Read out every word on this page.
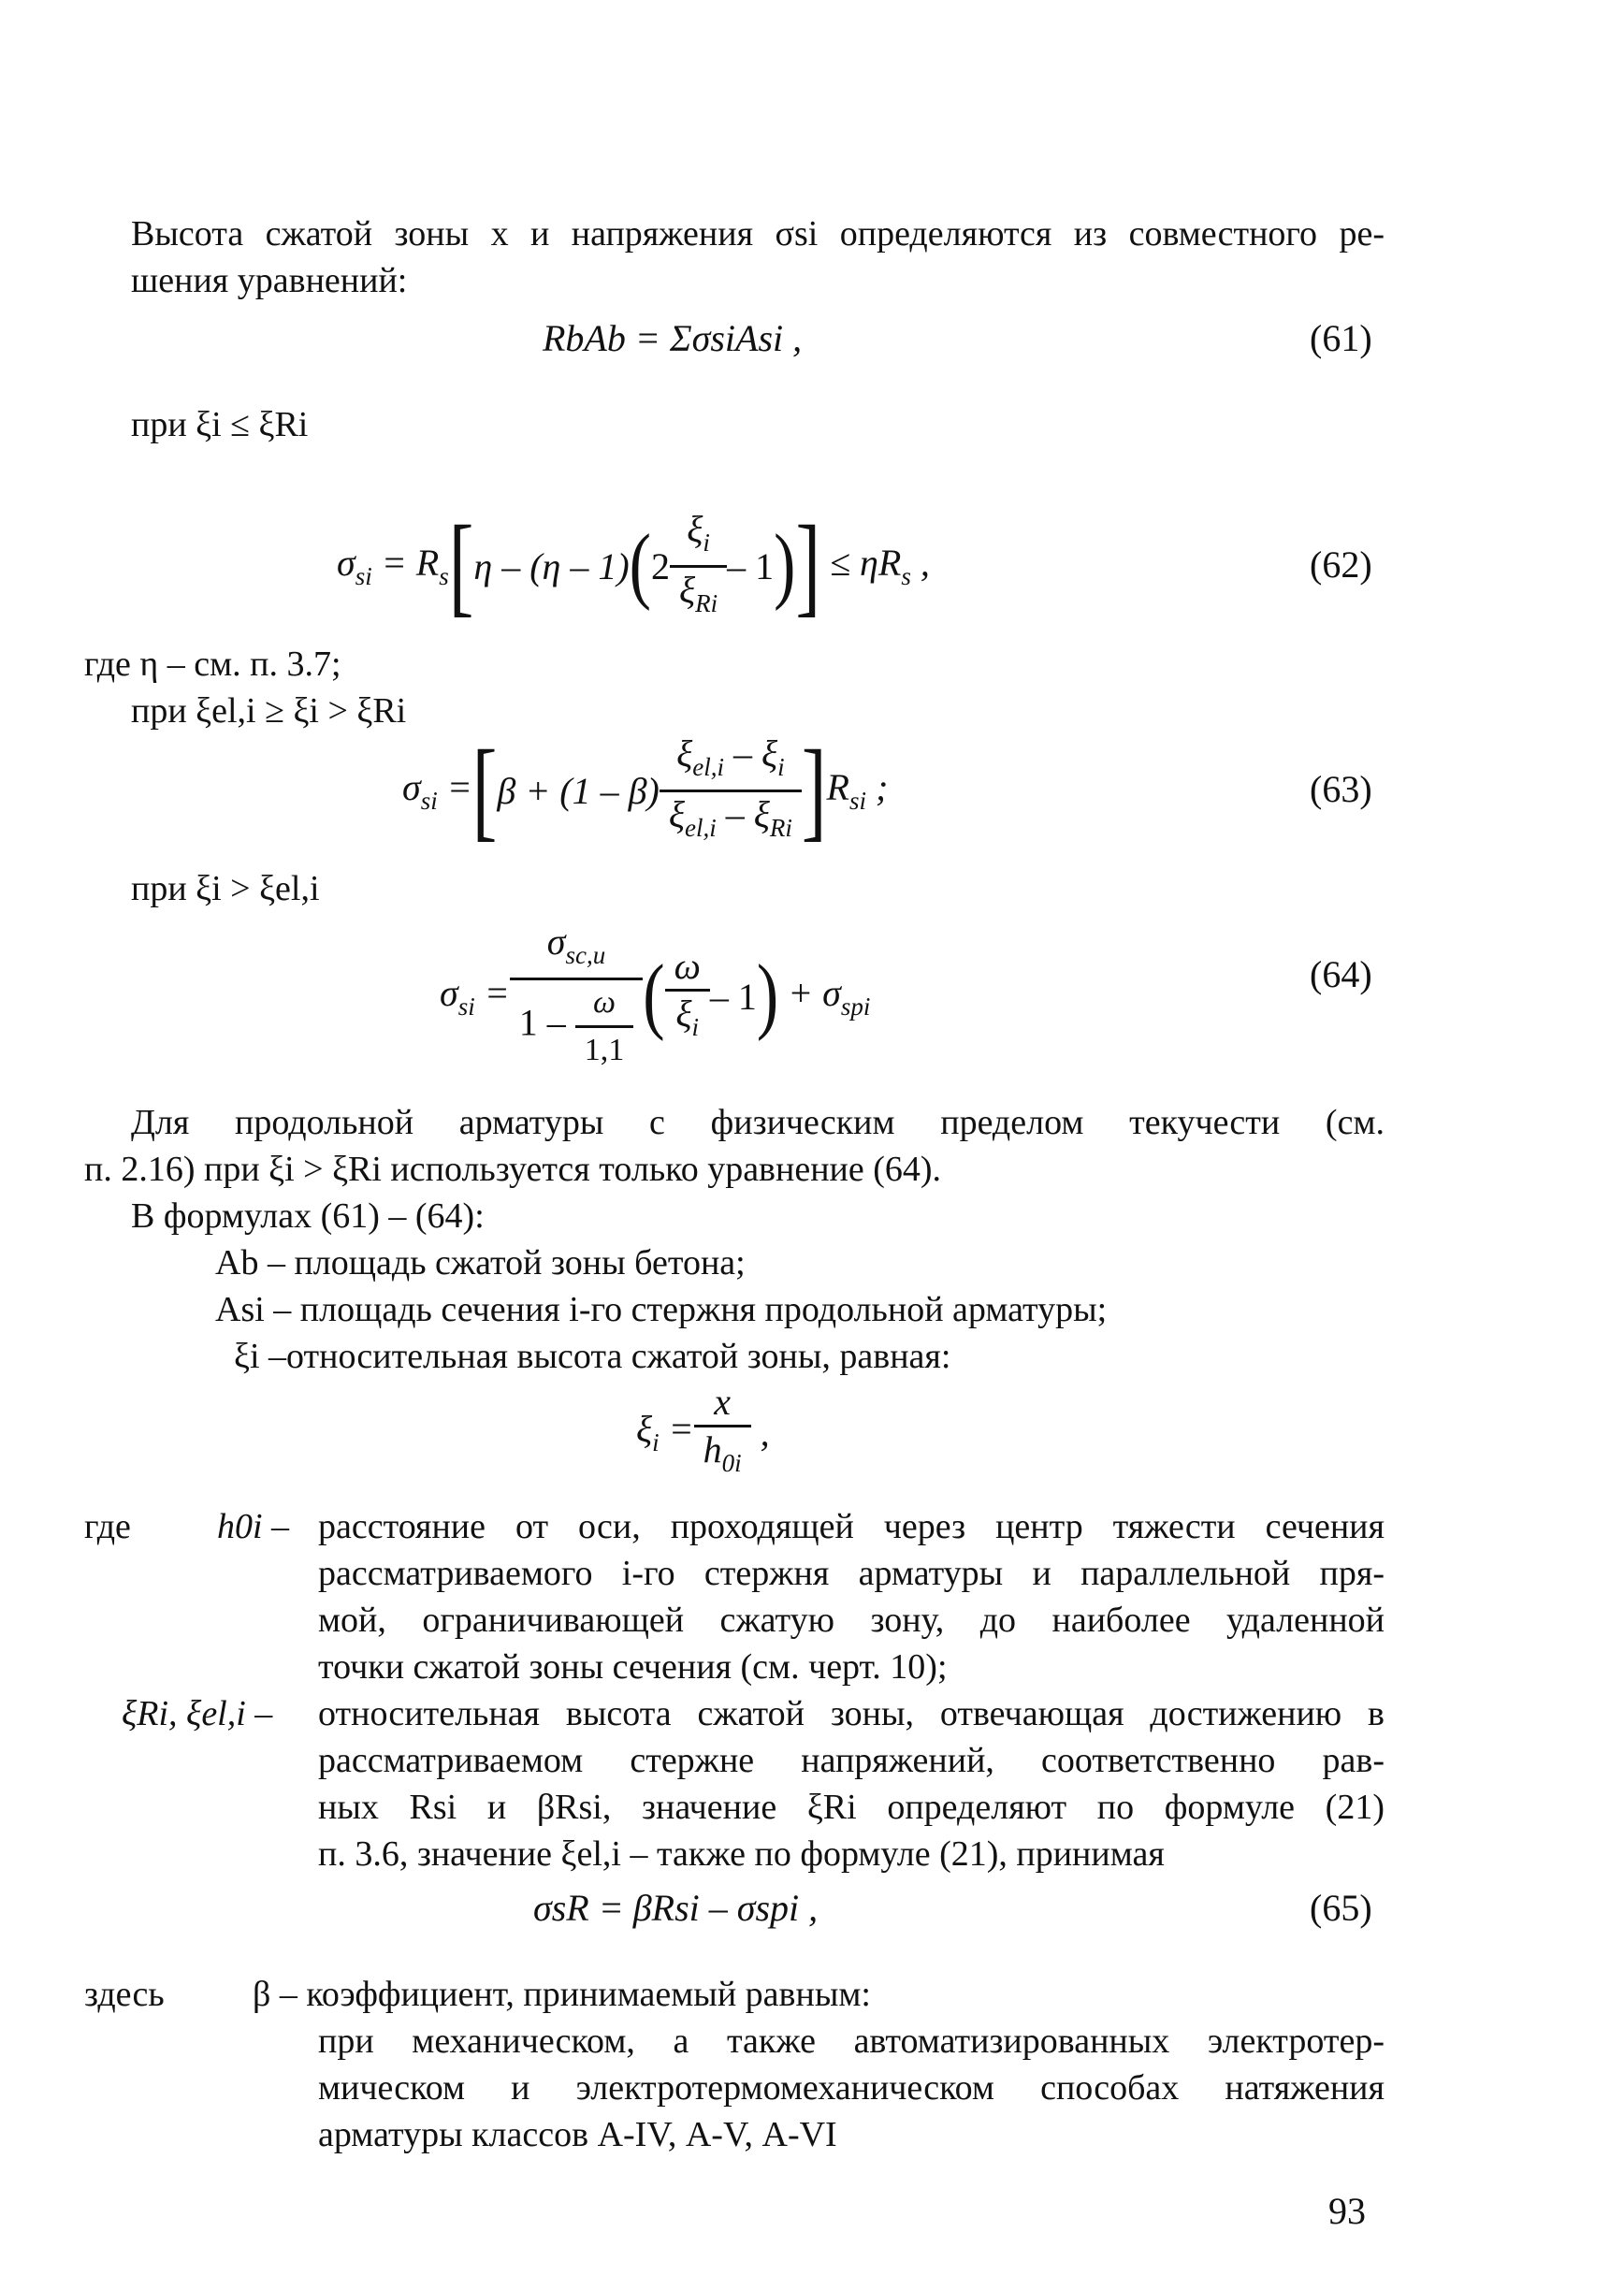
Высота сжатой зоны x и напряжения σsi определяются из совместного ре-
шения уравнений:
RbAb = ΣσsiAsi ,	(61)
при ξi ≤ ξRi
$\sigma_{si} = R_s$ [ η – (η – 1) ( 2
$\xi_i$
$\xi_{Ri}$
– 1 ) ] ≤ $\eta R_s$ ,	(62)
где η – см. п. 3.7;
при ξel,i ≥ ξi > ξRi
$\sigma_{si}$ = [ β + (1 – β)
$\xi_{el,i} - \xi_i$
$\xi_{el,i} - \xi_{Ri}$ ] $R_{si}$ ;	(63)
при ξi > ξel,i
$\sigma_{si}$ =
$\sigma_{sc,u}$
$1 - \frac{\omega}{1,1}$ ( ω
$\xi_i$
– 1 ) + $\sigma_{spi}$
(64)
Для продольной арматуры с физическим пределом текучести (см.
п. 2.16) при ξi > ξRi используется только уравнение (64).
В формулах (61) – (64):
Ab – площадь сжатой зоны бетона;
Asi – площадь сечения i-го стержня продольной арматуры;
ξi –относительная высота сжатой зоны, равная:
$\xi_i = \frac{x}{h_{0i}}$ ,
где h0i – расстояние от оси, проходящей через центр тяжести сечения
рассматриваемого i-го стержня арматуры и параллельной пря-
мой, ограничивающей сжатую зону, до наиболее удаленной
точки сжатой зоны сечения (см. черт. 10);
ξRi, ξel,i – относительная высота сжатой зоны, отвечающая достижению в
рассматриваемом стержне напряжений, соответственно рав-
ных Rsi и βRsi, значение ξRi определяют по формуле (21)
п. 3.6, значение ξel,i – также по формуле (21), принимая
σsR = βRsi – σspi ,	(65)
здесь β – коэффициент, принимаемый равным:
при механическом, а также автоматизированных электротер-
мическом и электротермомеханическом способах натяжения
арматуры классов А-IV, А-V, А-VI
93
